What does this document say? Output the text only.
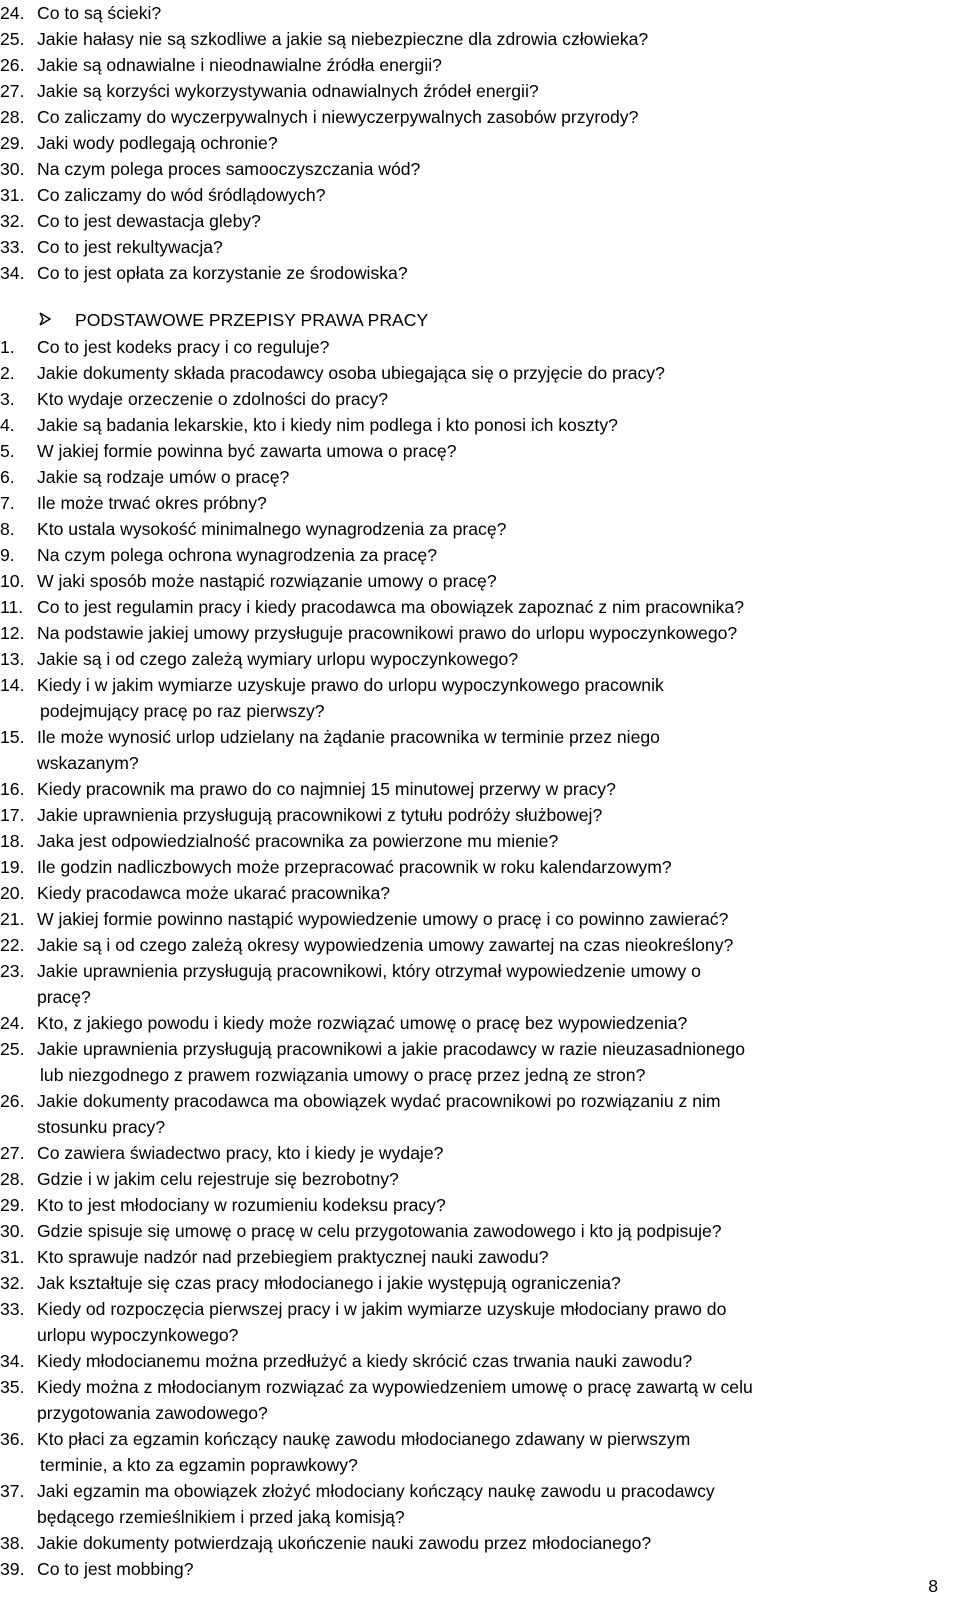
24. Co to są ścieki?
25. Jakie hałasy nie są szkodliwe a jakie są niebezpieczne dla zdrowia człowieka?
26. Jakie są odnawialne i nieodnawialne źródła energii?
27. Jakie są korzyści wykorzystywania odnawialnych źródeł energii?
28. Co zaliczamy do wyczerpywalnych i niewyczerpywalnych zasobów przyrody?
29. Jaki wody podlegają ochronie?
30. Na czym polega proces samooczyszczania wód?
31. Co zaliczamy do wód śródlądowych?
32. Co to jest dewastacja gleby?
33. Co to jest rekultywacja?
34. Co to jest opłata za korzystanie ze środowiska?
PODSTAWOWE PRZEPISY PRAWA PRACY
1. Co to jest kodeks pracy i co reguluje?
2. Jakie dokumenty składa pracodawcy osoba ubiegająca się o przyjęcie do pracy?
3. Kto wydaje orzeczenie o zdolności do pracy?
4. Jakie są badania lekarskie, kto i kiedy nim podlega i kto ponosi ich koszty?
5. W jakiej formie powinna być zawarta umowa o pracę?
6. Jakie są rodzaje umów o pracę?
7. Ile może trwać okres próbny?
8. Kto ustala wysokość minimalnego wynagrodzenia za pracę?
9. Na czym polega ochrona wynagrodzenia za pracę?
10. W jaki sposób może nastąpić rozwiązanie umowy o pracę?
11. Co to jest regulamin pracy i kiedy pracodawca ma obowiązek zapoznać z nim pracownika?
12. Na podstawie jakiej umowy przysługuje pracownikowi prawo do urlopu wypoczynkowego?
13. Jakie są i od czego zależą wymiary urlopu wypoczynkowego?
14. Kiedy i w jakim wymiarze uzyskuje prawo do urlopu wypoczynkowego pracownik
podejmujący pracę po raz pierwszy?
15. Ile może wynosić urlop udzielany na żądanie pracownika w terminie przez niego
wskazanym?
16. Kiedy pracownik ma prawo do co najmniej 15 minutowej przerwy w pracy?
17. Jakie uprawnienia przysługują pracownikowi z tytułu podróży służbowej?
18. Jaka jest odpowiedzialność pracownika za powierzone mu mienie?
19. Ile godzin nadliczbowych może przepracować pracownik w roku kalendarzowym?
20. Kiedy pracodawca może ukarać pracownika?
21. W jakiej formie powinno nastąpić wypowiedzenie umowy o pracę i co powinno zawierać?
22. Jakie są i od czego zależą okresy wypowiedzenia umowy zawartej na czas nieokreślony?
23. Jakie uprawnienia przysługują pracownikowi, który otrzymał wypowiedzenie umowy o
pracę?
24. Kto, z jakiego powodu i kiedy może rozwiązać umowę o pracę bez wypowiedzenia?
25. Jakie uprawnienia przysługują pracownikowi a jakie pracodawcy w razie nieuzasadnionego
lub niezgodnego z prawem rozwiązania umowy o pracę przez jedną ze stron?
26. Jakie dokumenty pracodawca ma obowiązek wydać pracownikowi po rozwiązaniu z nim
stosunku pracy?
27. Co zawiera świadectwo pracy, kto i kiedy je wydaje?
28. Gdzie i w jakim celu rejestruje się bezrobotny?
29. Kto to jest młodociany w rozumieniu kodeksu pracy?
30. Gdzie spisuje się umowę o pracę w celu przygotowania zawodowego i kto ją podpisuje?
31. Kto sprawuje nadzór nad przebiegiem praktycznej nauki zawodu?
32. Jak kształtuje się czas pracy młodocianego i jakie występują ograniczenia?
33. Kiedy od rozpoczęcia pierwszej pracy i w jakim wymiarze uzyskuje młodociany prawo do
urlopu wypoczynkowego?
34. Kiedy młodocianemu można przedłużyć a kiedy skrócić czas trwania nauki zawodu?
35. Kiedy można z młodocianym rozwiązać za wypowiedzeniem umowę o pracę zawartą w celu
przygotowania zawodowego?
36. Kto płaci za egzamin kończący naukę zawodu młodocianego zdawany w pierwszym
terminie, a kto za egzamin poprawkowy?
37. Jaki egzamin ma obowiązek złożyć młodociany kończący naukę zawodu u pracodawcy
będącego rzemieślnikiem i przed jaką komisją?
38. Jakie dokumenty potwierdzają ukończenie nauki zawodu przez młodocianego?
39. Co to jest mobbing?
8
